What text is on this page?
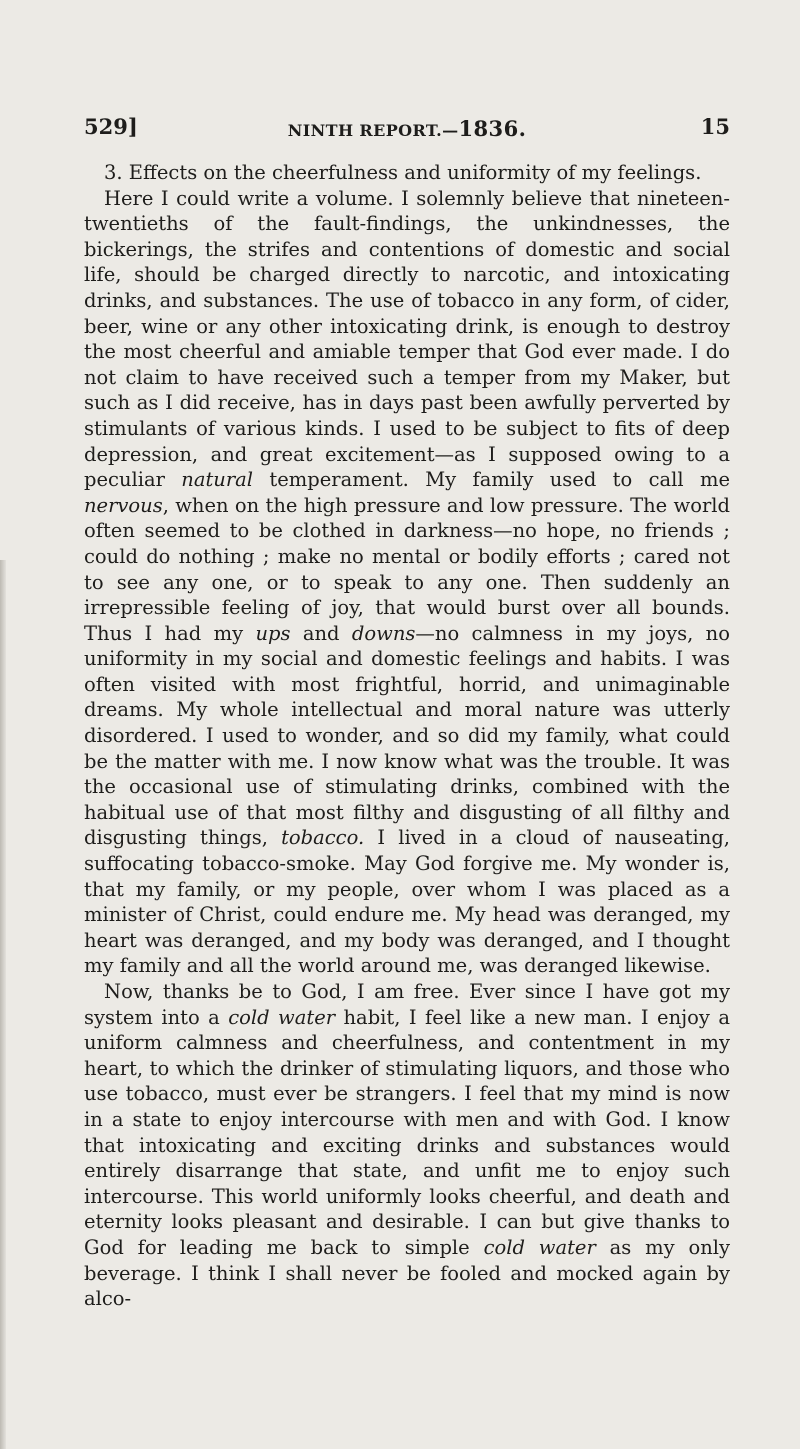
529]	NINTH REPORT.—1836.	15

3. Effects on the cheerfulness and uniformity of my feelings.

Here I could write a volume. I solemnly believe that nineteen-twentieths of the fault-findings, the unkindnesses, the bickerings, the strifes and contentions of domestic and social life, should be charged directly to narcotic, and intoxicating drinks, and substances. The use of tobacco in any form, of cider, beer, wine or any other intoxicating drink, is enough to destroy the most cheerful and amiable temper that God ever made. I do not claim to have received such a temper from my Maker, but such as I did receive, has in days past been awfully perverted by stimulants of various kinds. I used to be subject to fits of deep depression, and great excitement—as I supposed owing to a peculiar natural temperament. My family used to call me nervous, when on the high pressure and low pressure. The world often seemed to be clothed in darkness—no hope, no friends ; could do nothing ; make no mental or bodily efforts ; cared not to see any one, or to speak to any one. Then suddenly an irrepressible feeling of joy, that would burst over all bounds. Thus I had my ups and downs—no calmness in my joys, no uniformity in my social and domestic feelings and habits. I was often visited with most frightful, horrid, and unimaginable dreams. My whole intellectual and moral nature was utterly disordered. I used to wonder, and so did my family, what could be the matter with me. I now know what was the trouble. It was the occasional use of stimulating drinks, combined with the habitual use of that most filthy and disgusting of all filthy and disgusting things, tobacco. I lived in a cloud of nauseating, suffocating tobacco-smoke. May God forgive me. My wonder is, that my family, or my people, over whom I was placed as a minister of Christ, could endure me. My head was deranged, my heart was deranged, and my body was deranged, and I thought my family and all the world around me, was deranged likewise.

Now, thanks be to God, I am free. Ever since I have got my system into a cold water habit, I feel like a new man. I enjoy a uniform calmness and cheerfulness, and contentment in my heart, to which the drinker of stimulating liquors, and those who use tobacco, must ever be strangers. I feel that my mind is now in a state to enjoy intercourse with men and with God. I know that intoxicating and exciting drinks and substances would entirely disarrange that state, and unfit me to enjoy such intercourse. This world uniformly looks cheerful, and death and eternity looks pleasant and desirable. I can but give thanks to God for leading me back to simple cold water as my only beverage. I think I shall never be fooled and mocked again by alco-
